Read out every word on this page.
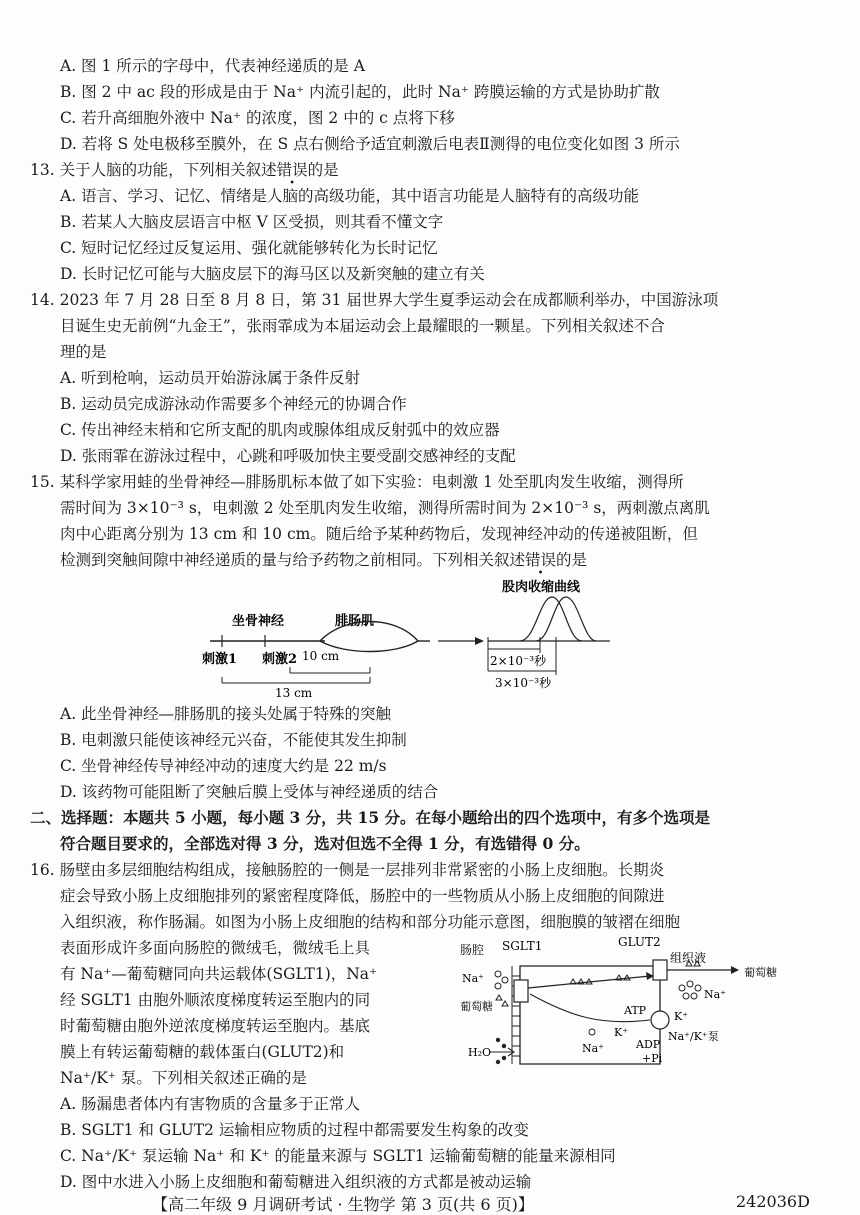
A. 图 1 所示的字母中，代表神经递质的是 A
B. 图 2 中 ac 段的形成是由于 Na⁺ 内流引起的，此时 Na⁺ 跨膜运输的方式是协助扩散
C. 若升高细胞外液中 Na⁺ 的浓度，图 2 中的 c 点将下移
D. 若将 S 处电极移至膜外，在 S 点右侧给予适宜刺激后电表Ⅱ测得的电位变化如图 3 所示
13. 关于人脑的功能，下列相关叙述错误的是
A. 语言、学习、记忆、情绪是人脑的高级功能，其中语言功能是人脑特有的高级功能
B. 若某人大脑皮层语言中枢 V 区受损，则其看不懂文字
C. 短时记忆经过反复运用、强化就能够转化为长时记忆
D. 长时记忆可能与大脑皮层下的海马区以及新突触的建立有关
14. 2023 年 7 月 28 日至 8 月 8 日，第 31 届世界大学生夏季运动会在成都顺利举办，中国游泳项
目诞生史无前例“九金王”，张雨霏成为本届运动会上最耀眼的一颗星。下列相关叙述不合
理的是
A. 听到枪响，运动员开始游泳属于条件反射
B. 运动员完成游泳动作需要多个神经元的协调合作
C. 传出神经末梢和它所支配的肌肉或腺体组成反射弧中的效应器
D. 张雨霏在游泳过程中，心跳和呼吸加快主要受副交感神经的支配
15. 某科学家用蛙的坐骨神经—腓肠肌标本做了如下实验：电刺激 1 处至肌肉发生收缩，测得所
需时间为 3×10⁻³ s，电刺激 2 处至肌肉发生收缩，测得所需时间为 2×10⁻³ s，两刺激点离肌
肉中心距离分别为 13 cm 和 10 cm。随后给予某种药物后，发现神经冲动的传递被阻断，但
检测到突触间隙中神经递质的量与给予药物之前相同。下列相关叙述错误的是
坐骨神经	腓肠肌
刺激1 刺激2 10 cm
13 cm
股肉收缩曲线
2×10⁻³秒
3×10⁻³秒
A. 此坐骨神经—腓肠肌的接头处属于特殊的突触
B. 电刺激只能使该神经元兴奋，不能使其发生抑制
C. 坐骨神经传导神经冲动的速度大约是 22 m/s
D. 该药物可能阻断了突触后膜上受体与神经递质的结合
二、选择题：本题共 5 小题，每小题 3 分，共 15 分。在每小题给出的四个选项中，有多个选项是
符合题目要求的，全部选对得 3 分，选对但选不全得 1 分，有选错得 0 分。
16. 肠壁由多层细胞结构组成，接触肠腔的一侧是一层排列非常紧密的小肠上皮细胞。长期炎
症会导致小肠上皮细胞排列的紧密程度降低，肠腔中的一些物质从小肠上皮细胞的间隙进
入组织液，称作肠漏。如图为小肠上皮细胞的结构和部分功能示意图，细胞膜的皱褶在细胞
表面形成许多面向肠腔的微绒毛，微绒毛上具
有 Na⁺—葡萄糖同向共运载体(SGLT1)，Na⁺
经 SGLT1 由胞外顺浓度梯度转运至胞内的同
时葡萄糖由胞外逆浓度梯度转运至胞内。基底
膜上有转运葡萄糖的载体蛋白(GLUT2)和
Na⁺/K⁺ 泵。下列相关叙述正确的是
肠腔 SGLT1	GLUT2
组织液
Na⁺
葡萄糖
葡萄糖
Na⁺
Na⁺
ATP
K⁺
ADP
+Pi
K⁺
Na⁺/K⁺泵
H₂O
A. 肠漏患者体内有害物质的含量多于正常人
B. SGLT1 和 GLUT2 运输相应物质的过程中都需要发生构象的改变
C. Na⁺/K⁺ 泵运输 Na⁺ 和 K⁺ 的能量来源与 SGLT1 运输葡萄糖的能量来源相同
D. 图中水进入小肠上皮细胞和葡萄糖进入组织液的方式都是被动运输
【高二年级 9 月调研考试 · 生物学 第 3 页(共 6 页)】	242036D
